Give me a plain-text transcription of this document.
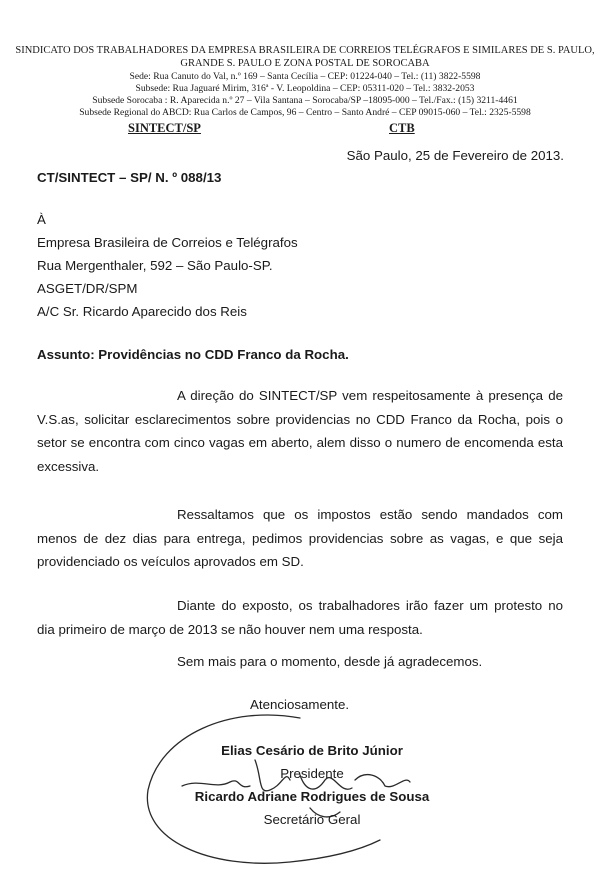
SINDICATO DOS TRABALHADORES DA EMPRESA BRASILEIRA DE CORREIOS TELÉGRAFOS E SIMILARES DE S. PAULO,
GRANDE S. PAULO E ZONA POSTAL DE SOROCABA
Sede: Rua Canuto do Val, n.º 169 – Santa Cecília – CEP: 01224-040 – Tel.: (11) 3822-5598
Subsede: Rua Jaguaré Mirim, 316ª - V. Leopoldina – CEP: 05311-020 – Tel.: 3832-2053
Subsede Sorocaba : R. Aparecida n.º 27 – Vila Santana – Sorocaba/SP –18095-000 – Tel./Fax.: (15) 3211-4461
Subsede Regional do ABCD: Rua Carlos de Campos, 96 – Centro – Santo André – CEP 09015-060 – Tel.: 2325-5598
SINTECT/SP	CTB
São Paulo, 25 de Fevereiro de 2013.
CT/SINTECT – SP/ N. º 088/13
À
Empresa Brasileira de Correios e Telégrafos
Rua Mergenthaler, 592 – São Paulo-SP.
ASGET/DR/SPM
A/C Sr. Ricardo Aparecido dos Reis
Assunto: Providências no CDD Franco da Rocha.
A direção do SINTECT/SP vem respeitosamente à presença de V.S.as, solicitar esclarecimentos sobre providencias no CDD Franco da Rocha, pois o setor se encontra com cinco vagas em aberto, alem disso o numero de encomenda esta excessiva.
Ressaltamos que os impostos estão sendo mandados com menos de dez dias para entrega, pedimos providencias sobre as vagas, e que seja providenciado os veículos aprovados em SD.
Diante do exposto, os trabalhadores irão fazer um protesto no dia primeiro de março de 2013 se não houver nem uma resposta.
Sem mais para o momento, desde já agradecemos.
Atenciosamente.
Elias Cesário de Brito Júnior
Presidente
Ricardo Adriane Rodrigues de Sousa
Secretário Geral
